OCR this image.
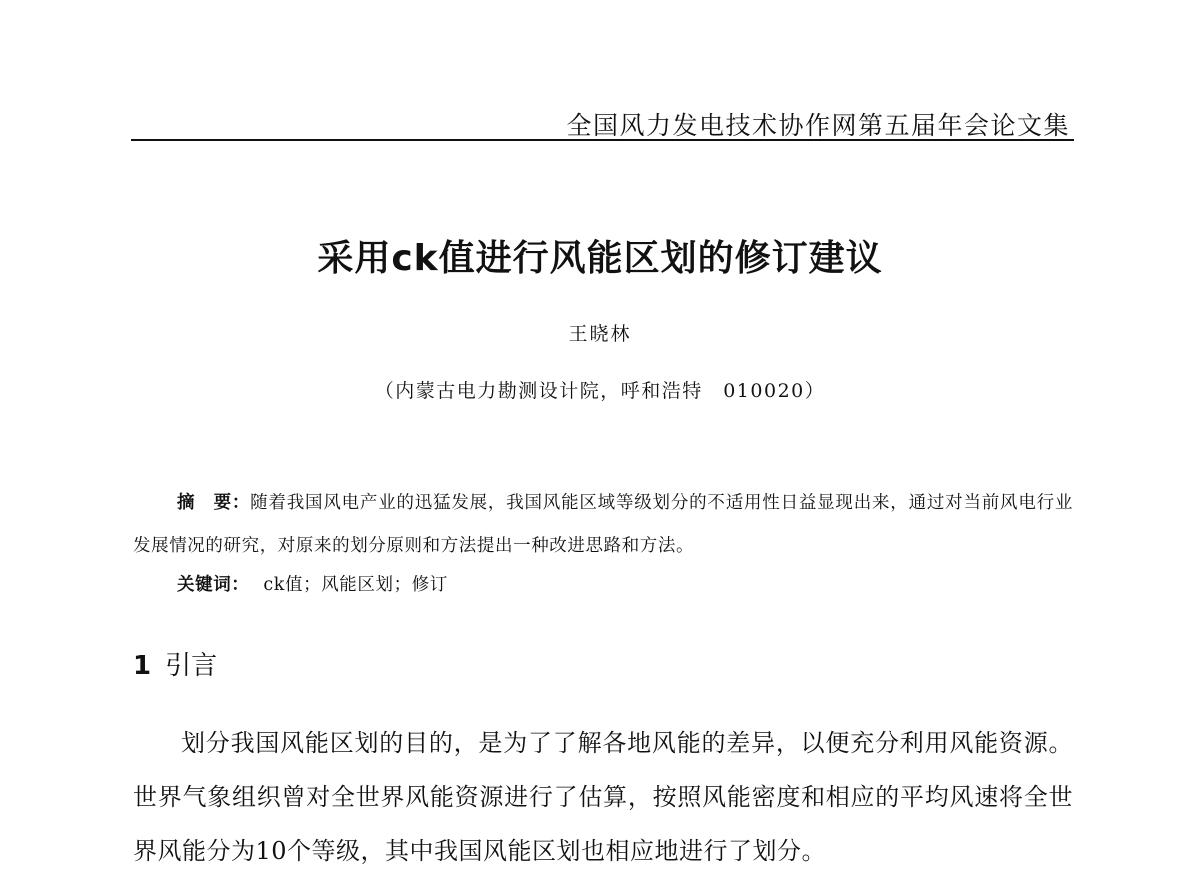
全国风力发电技术协作网第五届年会论文集
采用ck值进行风能区划的修订建议
王晓林
（内蒙古电力勘测设计院，呼和浩特　010020）
摘　要：随着我国风电产业的迅猛发展，我国风能区域等级划分的不适用性日益显现出来，通过对当前风电行业发展情况的研究，对原来的划分原则和方法提出一种改进思路和方法。
关键词： ck值；风能区划；修订
1 引言
划分我国风能区划的目的，是为了了解各地风能的差异，以便充分利用风能资源。世界气象组织曾对全世界风能资源进行了估算，按照风能密度和相应的平均风速将全世界风能分为10个等级，其中我国风能区划也相应地进行了划分。
